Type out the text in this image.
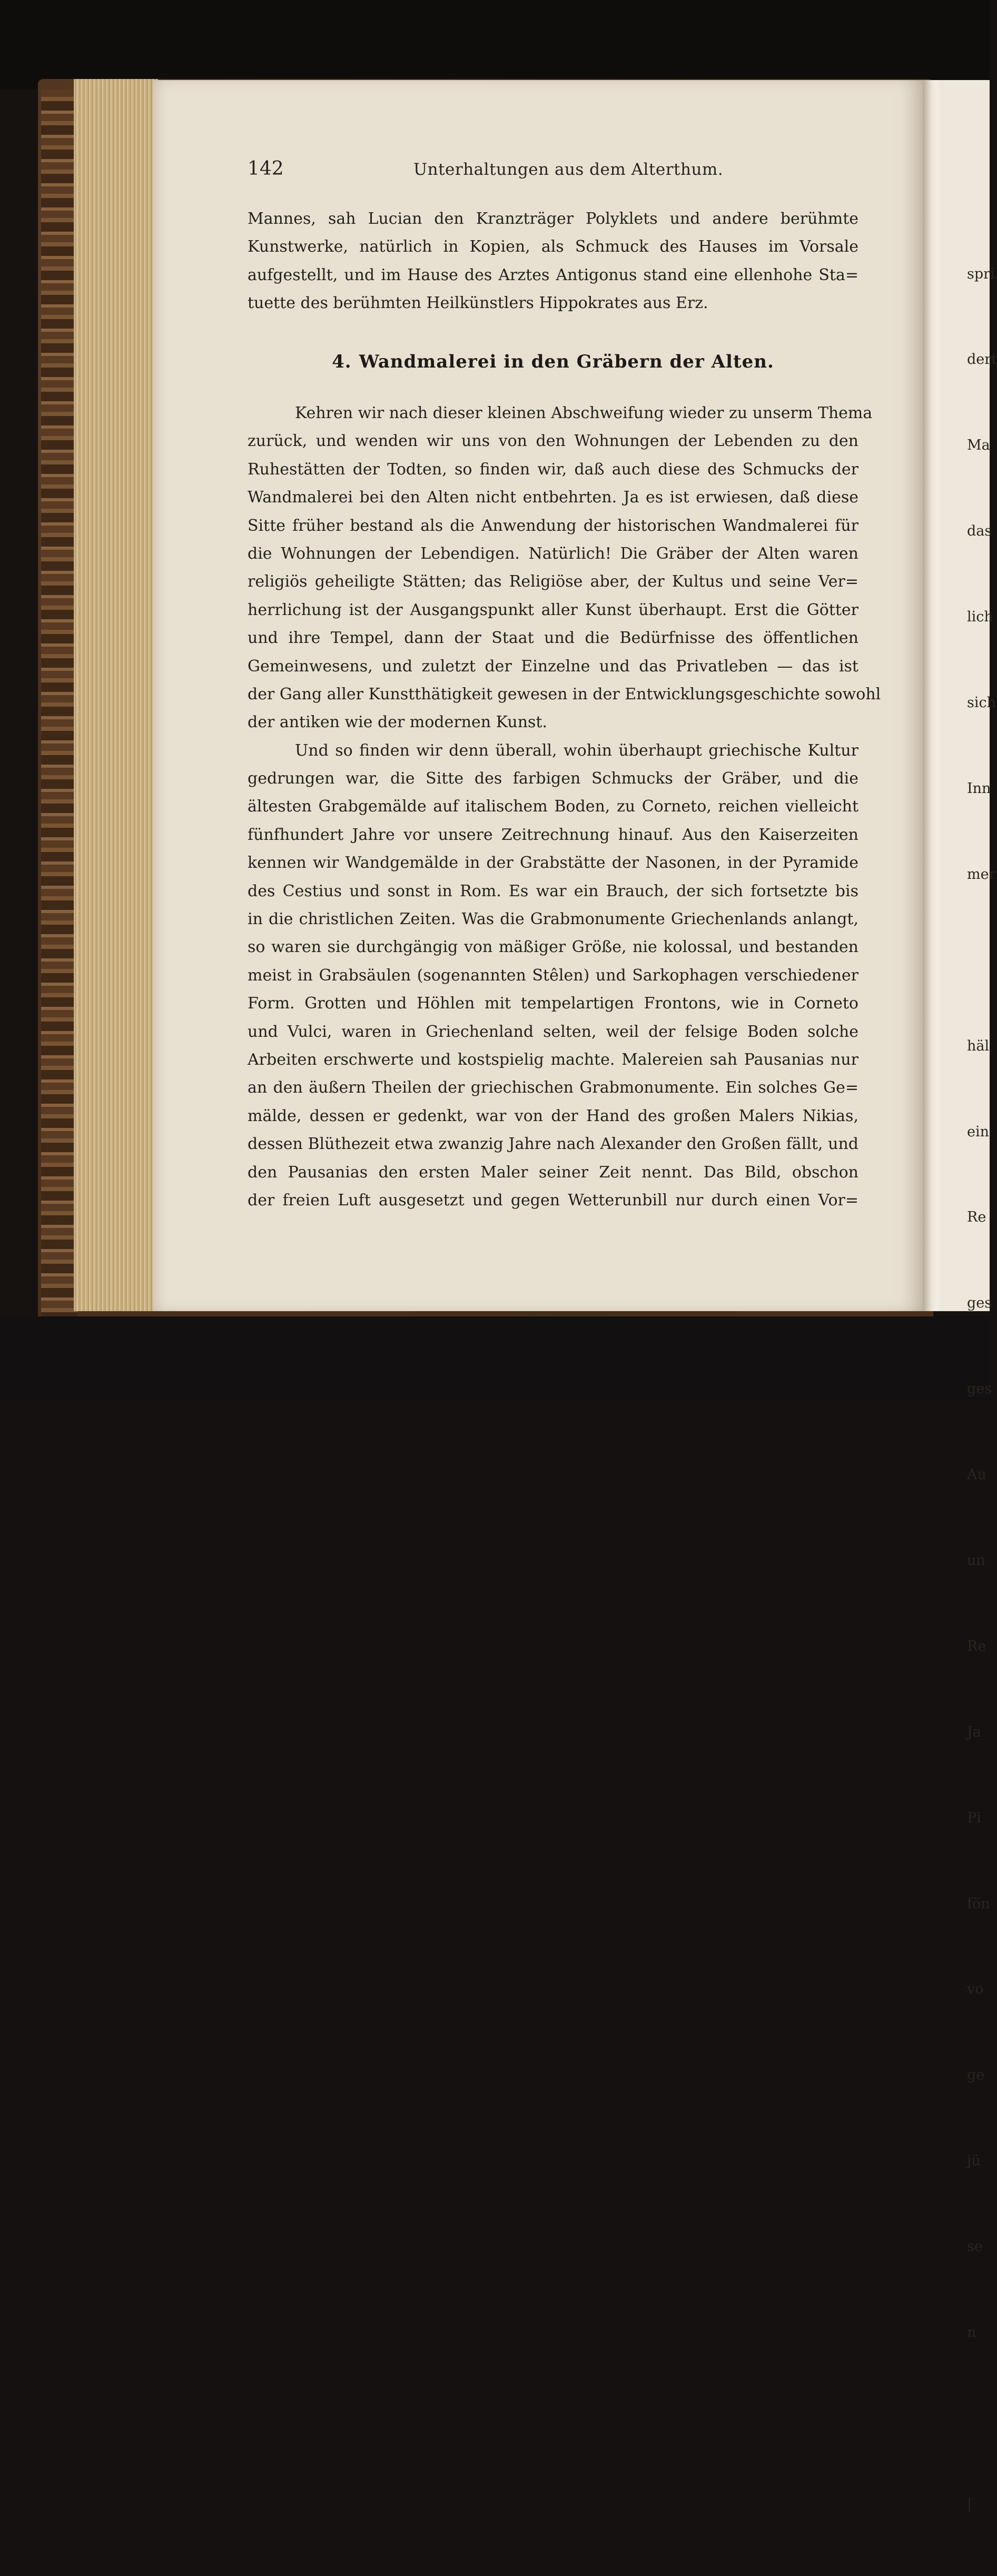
142	Unterhaltungen aus dem Alterthum.
Mannes, sah Lucian den Kranzträger Polyklets und andere berühmte
Kunstwerke, natürlich in Kopien, als Schmuck des Hauses im Vorsale
aufgestellt, und im Hause des Arztes Antigonus stand eine ellenhohe Sta=
tuette des berühmten Heilkünstlers Hippokrates aus Erz.
4. Wandmalerei in den Gräbern der Alten.
Kehren wir nach dieser kleinen Abschweifung wieder zu unserm Thema
zurück, und wenden wir uns von den Wohnungen der Lebenden zu den
Ruhestätten der Todten, so finden wir, daß auch diese des Schmucks der
Wandmalerei bei den Alten nicht entbehrten. Ja es ist erwiesen, daß diese
Sitte früher bestand als die Anwendung der historischen Wandmalerei für
die Wohnungen der Lebendigen. Natürlich! Die Gräber der Alten waren
religiös geheiligte Stätten; das Religiöse aber, der Kultus und seine Ver=
herrlichung ist der Ausgangspunkt aller Kunst überhaupt. Erst die Götter
und ihre Tempel, dann der Staat und die Bedürfnisse des öffentlichen
Gemeinwesens, und zuletzt der Einzelne und das Privatleben — das ist
der Gang aller Kunstthätigkeit gewesen in der Entwicklungsgeschichte sowohl
der antiken wie der modernen Kunst.
Und so finden wir denn überall, wohin überhaupt griechische Kultur
gedrungen war, die Sitte des farbigen Schmucks der Gräber, und die
ältesten Grabgemälde auf italischem Boden, zu Corneto, reichen vielleicht
fünfhundert Jahre vor unsere Zeitrechnung hinauf. Aus den Kaiserzeiten
kennen wir Wandgemälde in der Grabstätte der Nasonen, in der Pyramide
des Cestius und sonst in Rom. Es war ein Brauch, der sich fortsetzte bis
in die christlichen Zeiten. Was die Grabmonumente Griechenlands anlangt,
so waren sie durchgängig von mäßiger Größe, nie kolossal, und bestanden
meist in Grabsäulen (sogenannten Stêlen) und Sarkophagen verschiedener
Form. Grotten und Höhlen mit tempelartigen Frontons, wie in Corneto
und Vulci, waren in Griechenland selten, weil der felsige Boden solche
Arbeiten erschwerte und kostspielig machte. Malereien sah Pausanias nur
an den äußern Theilen der griechischen Grabmonumente. Ein solches Ge=
mälde, dessen er gedenkt, war von der Hand des großen Malers Nikias,
dessen Blüthezeit etwa zwanzig Jahre nach Alexander den Großen fällt, und
den Pausanias den ersten Maler seiner Zeit nennt. Das Bild, obschon
der freien Luft ausgesetzt und gegen Wetterunbill nur durch einen Vor=

spri

dert

Ma

das

lich

sich

Inn

mer

häl

ein

Re

ges

ges

Au

un

Re

Ja

Pi

fön

vo

ge

jü

se

n

|
